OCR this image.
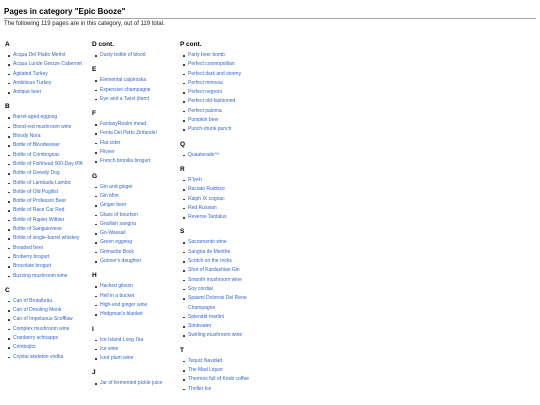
Pages in category "Epic Booze"
The following 119 pages are in this category, out of 119 total.
A
Acqua Del Piatto Merlot
Acqua Lunde Grezze Cabernet
Agitated Turkey
Ambitious Turkey
Antique beer
B
Barrel-aged eggnog
Blood-red mushroom wine
Bloody Nora
Bottle of Bloodweiser
Bottle of Crimbognac
Bottle of Fishhead 900-Day IPA
Bottle of Greedy Dog
Bottle of Lambada Lambic
Bottle of Old Pugilist
Bottle of Professor Beer
Bottle of Race Car Red
Bottle of Rapier Witbier
Bottle of Sanguiovese
Bottle of single-barrel whiskey
Breaded beer
Broberry brogurt
Brocolate brogurt
Buzzing mushroom wine
C
Can of Brotalbräu
Can of Drooling Monk
Can of Impetuous Scofflaw
Complex mushroom wine
Cranberry schnapps
Crimbojito
Crystal skeleton vodka
D cont.
Dusty bottle of blood
E
Elemental caipiroska
Expensive champagne
Eye and a Twist (item)
F
FantasyRealm mead
Fenta Del Petto Zinfandel
Flat cider
Flivver
French bronilla brogurt
G
Gin and ginger
Gin Mint
Ginger beer
Glass of bourbon
Gnollish sangria
Go-Wassail
Green eggnog
Grimacite Bock
Gunner's daughter
H
Hacked gibson
Hell in a bucket
High-end ginger wine
Hodgman's blanket
I
Ice Island Long Tea
Ice wine
Iced plum wine
J
Jar of fermented pickle juice
P cont.
Party beer bomb
Perfect cosmopolitan
Perfect dark and stormy
Perfect mimosa
Perfect negroni
Perfect old-fashioned
Perfect paloma
Pumpkin beer
Punch-drunk punch
Q
Quaatorade™
R
R'lyeh
Raciato Ruidoso
Ralph IX cognac
Red Russian
Reverse Tantalus
S
Sacramento wine
Sangria de Menthe
Scotch on the rocks
Shot of Kardashian Gin
Smooth mushroom wine
Soy cordial
Spasmi Dolorosi Del Rene Champagne
Splendid martini
Stinkwater
Swirling mushroom wine
T
Tequiz Navidad
The Mad Liquor
Thermos full of Knob coffee
Thriller Ice
